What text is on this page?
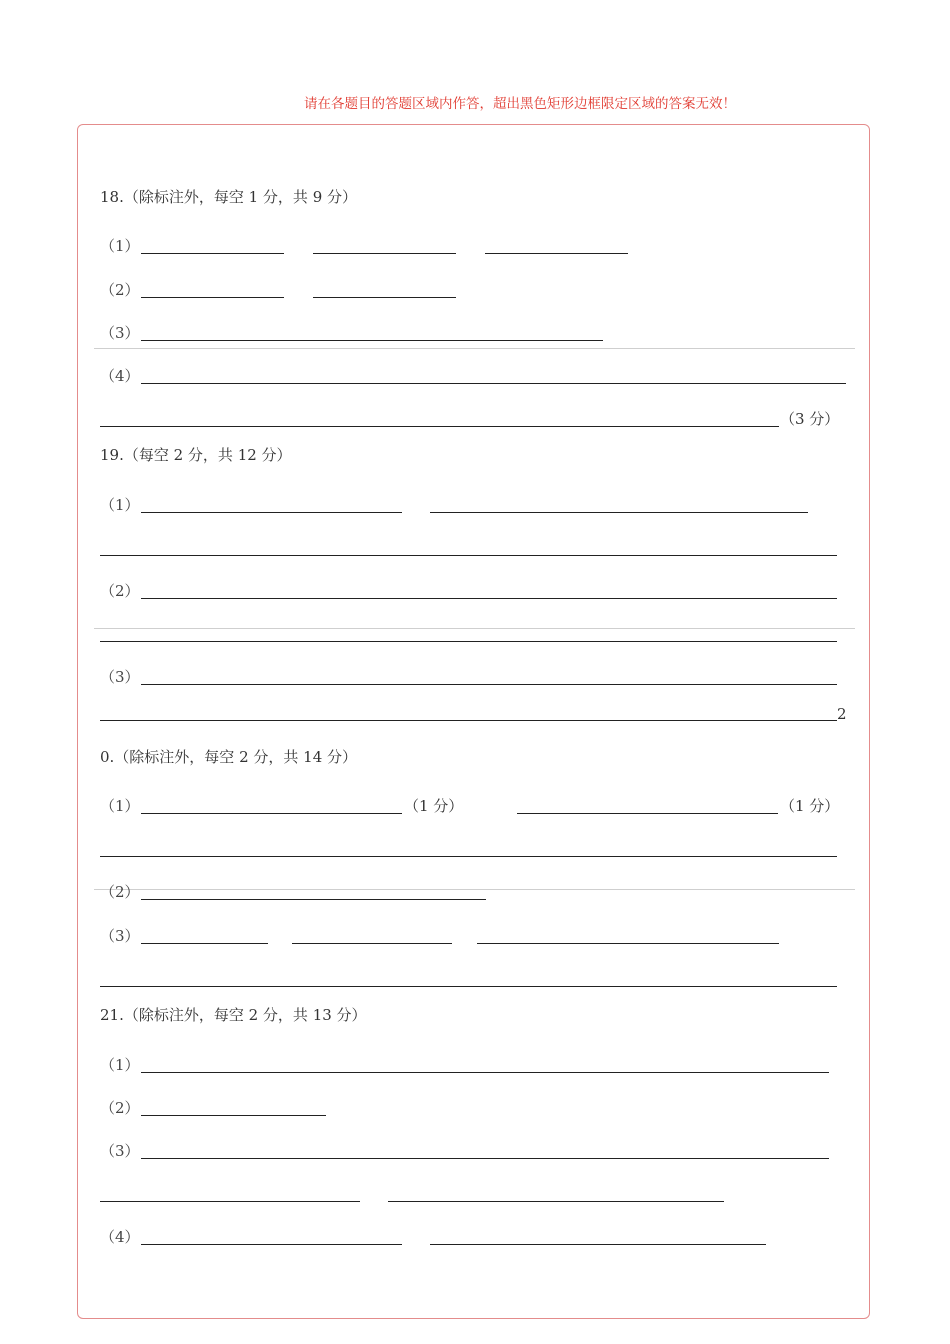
请在各题目的答题区域内作答，超出黑色矩形边框限定区域的答案无效！
18.（除标注外，每空 1 分，共 9 分）
（1）
（2）
（3）
（4）
（3 分）
19.（每空 2 分，共 12 分）
（1）
（2）
（3）
2
0.（除标注外，每空 2 分，共 14 分）
（1）	（1 分）	（1 分）
（2）
（3）
21.（除标注外，每空 2 分，共 13 分）
（1）
（2）
（3）
（4）
